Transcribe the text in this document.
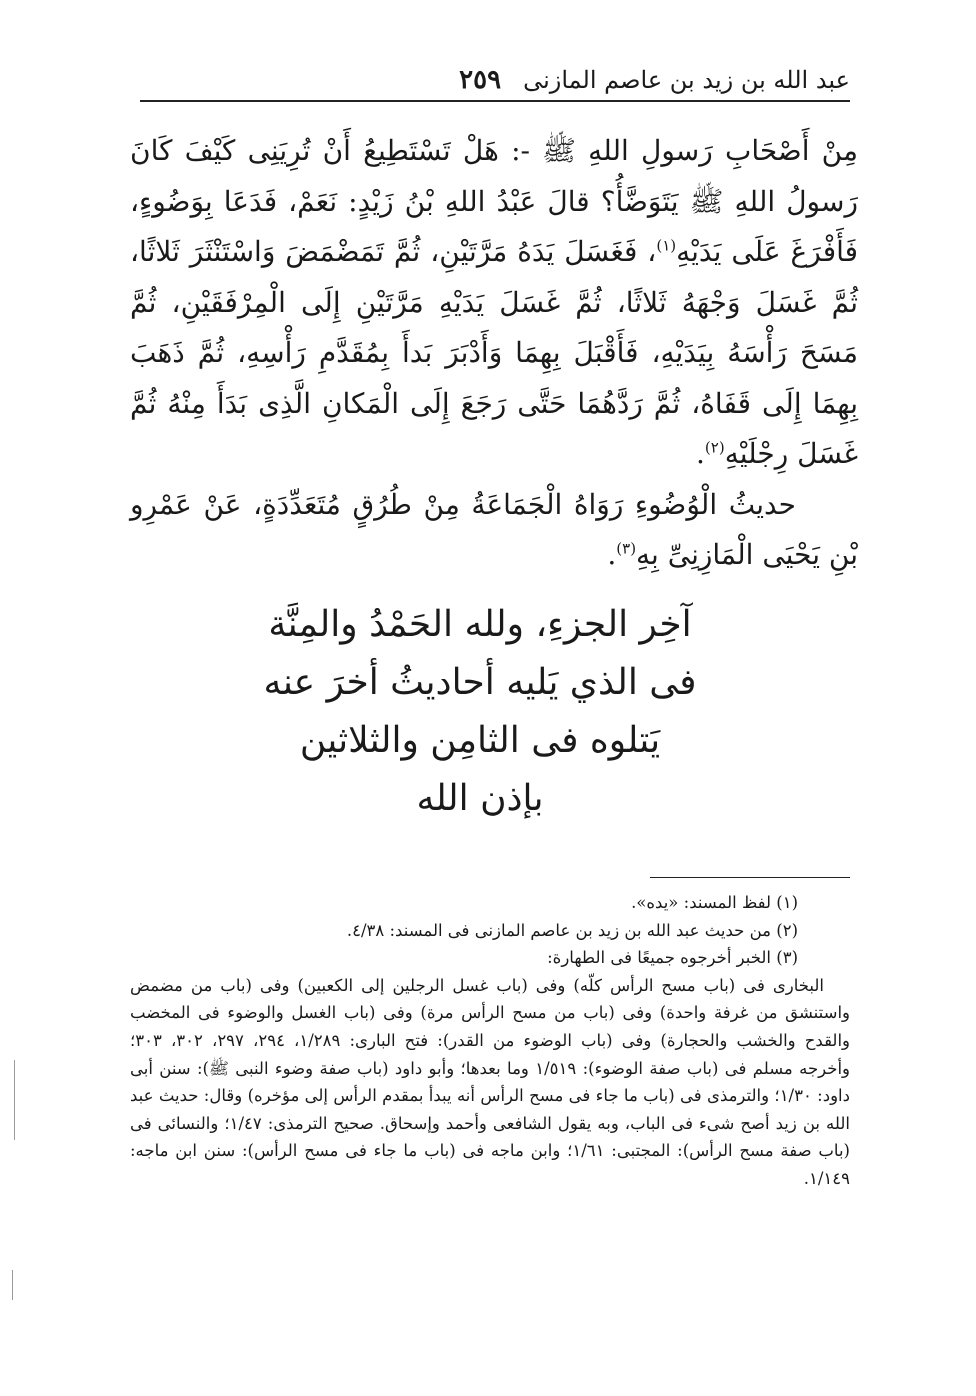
عبد الله بن زيد بن عاصم المازنى
٢٥٩

مِنْ أَصْحَابِ رَسولِ اللهِ ﷺ -: هَلْ تَسْتَطِيعُ أَنْ تُرِيَنِى كَيْفَ كَانَ رَسولُ اللهِ ﷺ يَتَوَضَّأُ؟ قالَ عَبْدُ اللهِ بْنُ زَيْدٍ: نَعَمْ، فَدَعَا بِوَضُوءٍ، فَأَفْرَغَ عَلَى يَدَيْهِ$^{(١)}$، فَغَسَلَ يَدَهُ مَرَّتَيْنِ، ثُمَّ تَمَضْمَضَ وَاسْتَنْثَرَ ثَلاثًا، ثُمَّ غَسَلَ وَجْهَهُ ثَلاثًا، ثُمَّ غَسَلَ يَدَيْهِ مَرَّتَيْنِ إِلَى الْمِرْفَقَيْنِ، ثُمَّ مَسَحَ رَأْسَهُ بِيَدَيْهِ، فَأَقْبَلَ بِهِمَا وَأَدْبَرَ بَدأَ بِمُقَدَّمِ رَأْسِهِ، ثُمَّ ذَهَبَ بِهِمَا إِلَى قَفَاهُ، ثُمَّ رَدَّهُمَا حَتَّى رَجَعَ إِلَى الْمَكانِ الَّذِى بَدَأَ مِنْهُ ثُمَّ غَسَلَ رِجْلَيْهِ$^{(٢)}$.

حديثُ الْوُضُوءِ رَوَاهُ الْجَمَاعَةُ مِنْ طُرُقٍ مُتَعَدِّدَةٍ، عَنْ عَمْرِو بْنِ يَحْيَى الْمَازِنِىِّ بِهِ$^{(٣)}$.

آخِر الجزءِ، ولله الحَمْدُ والمِنَّة
فى الذي يَليه أحاديثُ أخرَ عنه
يَتلوه فى الثامِن والثلاثين
بإذن الله

(١) لفظ المسند: «يده».

(٢) من حديث عبد الله بن زيد بن عاصم المازنى فى المسند: ٤/٣٨.

(٣) الخبر أخرجوه جميعًا فى الطهارة:

البخارى فى (باب مسح الرأس كلّه) وفى (باب غسل الرجلين إلى الكعبين) وفى (باب من مضمض واستنشق من غرفة واحدة) وفى (باب من مسح الرأس مرة) وفى (باب الغسل والوضوء فى المخضب والقدح والخشب والحجارة) وفى (باب الوضوء من القدر): فتح البارى: ١/٢٨٩، ٢٩٤، ٢٩٧، ٣٠٢، ٣٠٣؛ وأخرجه مسلم فى (باب صفة الوضوء): ١/٥١٩ وما بعدها؛ وأبو داود (باب صفة وضوء النبى ﷺ): سنن أبى داود: ١/٣٠؛ والترمذى فى (باب ما جاء فى مسح الرأس أنه يبدأ بمقدم الرأس إلى مؤخره) وقال: حديث عبد الله بن زيد أصح شىء فى الباب، وبه يقول الشافعى وأحمد وإسحاق. صحيح الترمذى: ١/٤٧؛ والنسائى فى (باب صفة مسح الرأس): المجتبى: ١/٦١؛ وابن ماجه فى (باب ما جاء فى مسح الرأس): سنن ابن ماجه: ١/١٤٩.
